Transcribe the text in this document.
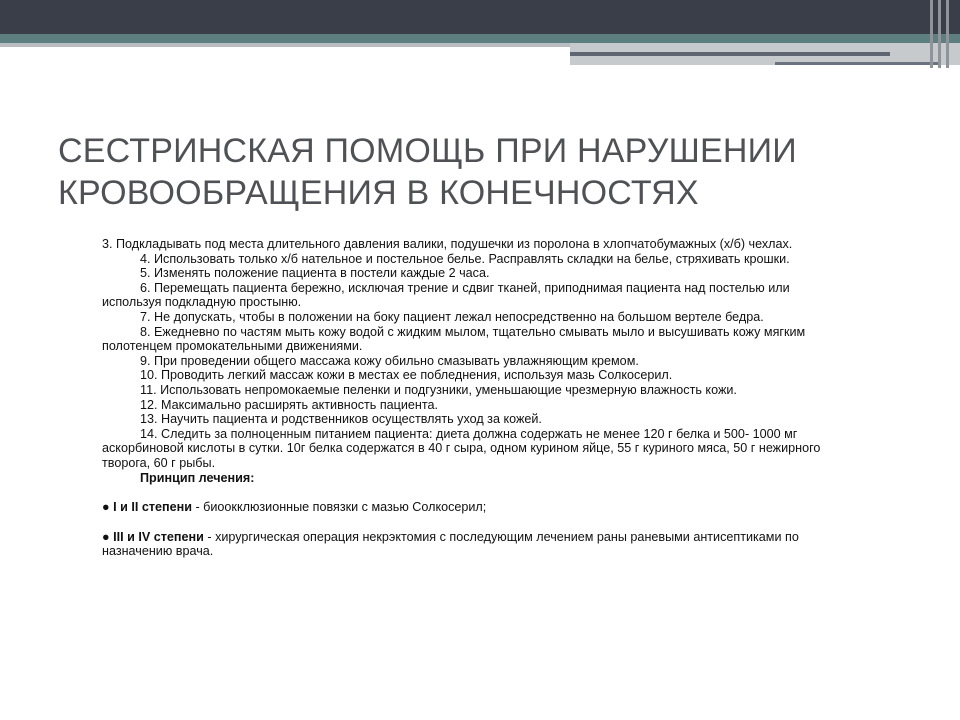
СЕСТРИНСКАЯ ПОМОЩЬ ПРИ НАРУШЕНИИ
КРОВООБРАЩЕНИЯ В КОНЕЧНОСТЯХ

3. Подкладывать под места длительного давления валики, подушечки из поролона в хлопчатобумажных (х/б) чехлах.

4. Использовать только х/б нательное и постельное белье. Расправлять складки на белье, стряхивать крошки.

5. Изменять положение пациента в постели каждые 2 часа.

6. Перемещать пациента бережно, исключая трение и сдвиг тканей, приподнимая пациента над постелью или используя подкладную простыню.

7. Не допускать, чтобы в положении на боку пациент лежал непосредственно на большом вертеле бедра.

8. Ежедневно по частям мыть кожу водой с жидким мылом, тщательно смывать мыло и высушивать кожу мягким полотенцем промокательными движениями.

9. При проведении общего массажа кожу обильно смазывать увлажняющим кремом.

10. Проводить легкий массаж кожи в местах ее побледнения, используя мазь Солкосерил.

11. Использовать непромокаемые пеленки и подгузники, уменьшающие чрезмерную влажность кожи.

12. Максимально расширять активность пациента.

13. Научить пациента и родственников осуществлять уход за кожей.

14. Следить за полноценным питанием пациента: диета должна содержать не менее 120 г белка и 500- 1000 мг аскорбиновой кислоты в сутки. 10г белка содержатся в 40 г сыра, одном курином яйце, 55 г куриного мяса, 50 г нежирного творога, 60 г рыбы.

Принцип лечения:

● I и II степени - биоокклюзионные повязки с мазью Солкосерил;

● III и IV степени - хирургическая операция некрэктомия с последующим лечением раны раневыми антисептиками по назначению врача.
